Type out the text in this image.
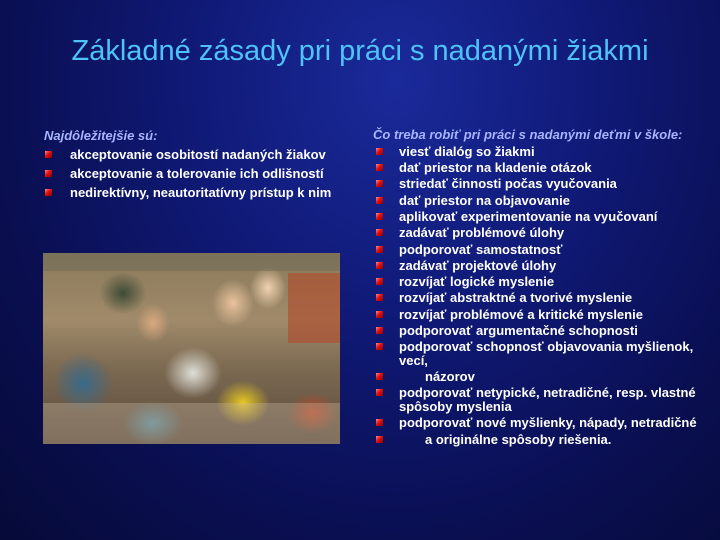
Základné zásady pri práci s nadanými žiakmi
Najdôležitejšie sú:
akceptovanie osobitostí nadaných žiakov
akceptovanie a tolerovanie ich odlišností
nedirektívny, neautoritatívny prístup k nim
Čo treba robiť pri práci s nadanými deťmi v škole:
viesť dialóg so žiakmi
dať priestor na kladenie otázok
striedať činnosti počas vyučovania
dať priestor na objavovanie
aplikovať experimentovanie na vyučovaní
zadávať problémové úlohy
podporovať samostatnosť
zadávať projektové úlohy
rozvíjať logické myslenie
rozvíjať abstraktné a tvorivé myslenie
rozvíjať problémové a kritické myslenie
podporovať argumentačné schopnosti
podporovať schopnosť objavovania myšlienok, vecí,
názorov
podporovať netypické, netradičné, resp. vlastné spôsoby myslenia
podporovať nové myšlienky, nápady, netradičné
a originálne spôsoby riešenia.
